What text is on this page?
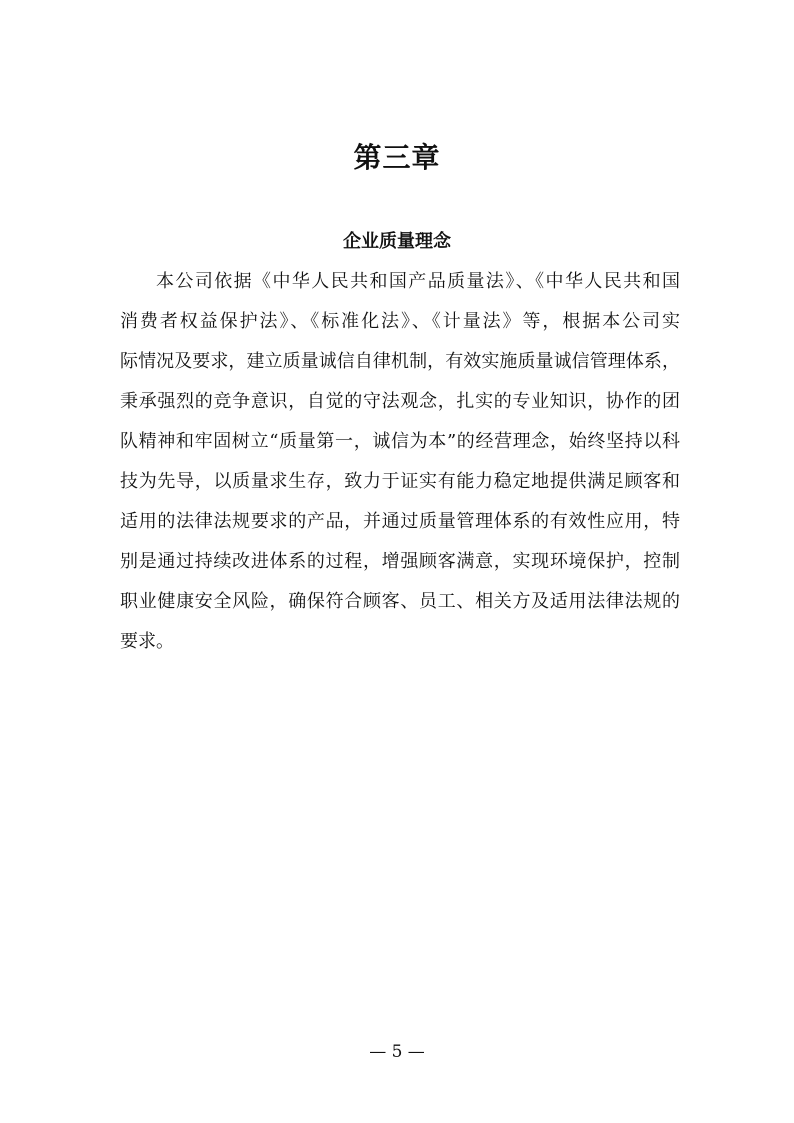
第三章
企业质量理念
本公司依据《中华人民共和国产品质量法》、《中华人民共和国
消费者权益保护法》、《标准化法》、《计量法》等，根据本公司实
际情况及要求，建立质量诚信自律机制，有效实施质量诚信管理体系，
秉承强烈的竞争意识，自觉的守法观念，扎实的专业知识，协作的团
队精神和牢固树立“质量第一，诚信为本”的经营理念，始终坚持以科
技为先导，以质量求生存，致力于证实有能力稳定地提供满足顾客和
适用的法律法规要求的产品，并通过质量管理体系的有效性应用，特
别是通过持续改进体系的过程，增强顾客满意，实现环境保护，控制
职业健康安全风险，确保符合顾客、员工、相关方及适用法律法规的
要求。
— 5 —
